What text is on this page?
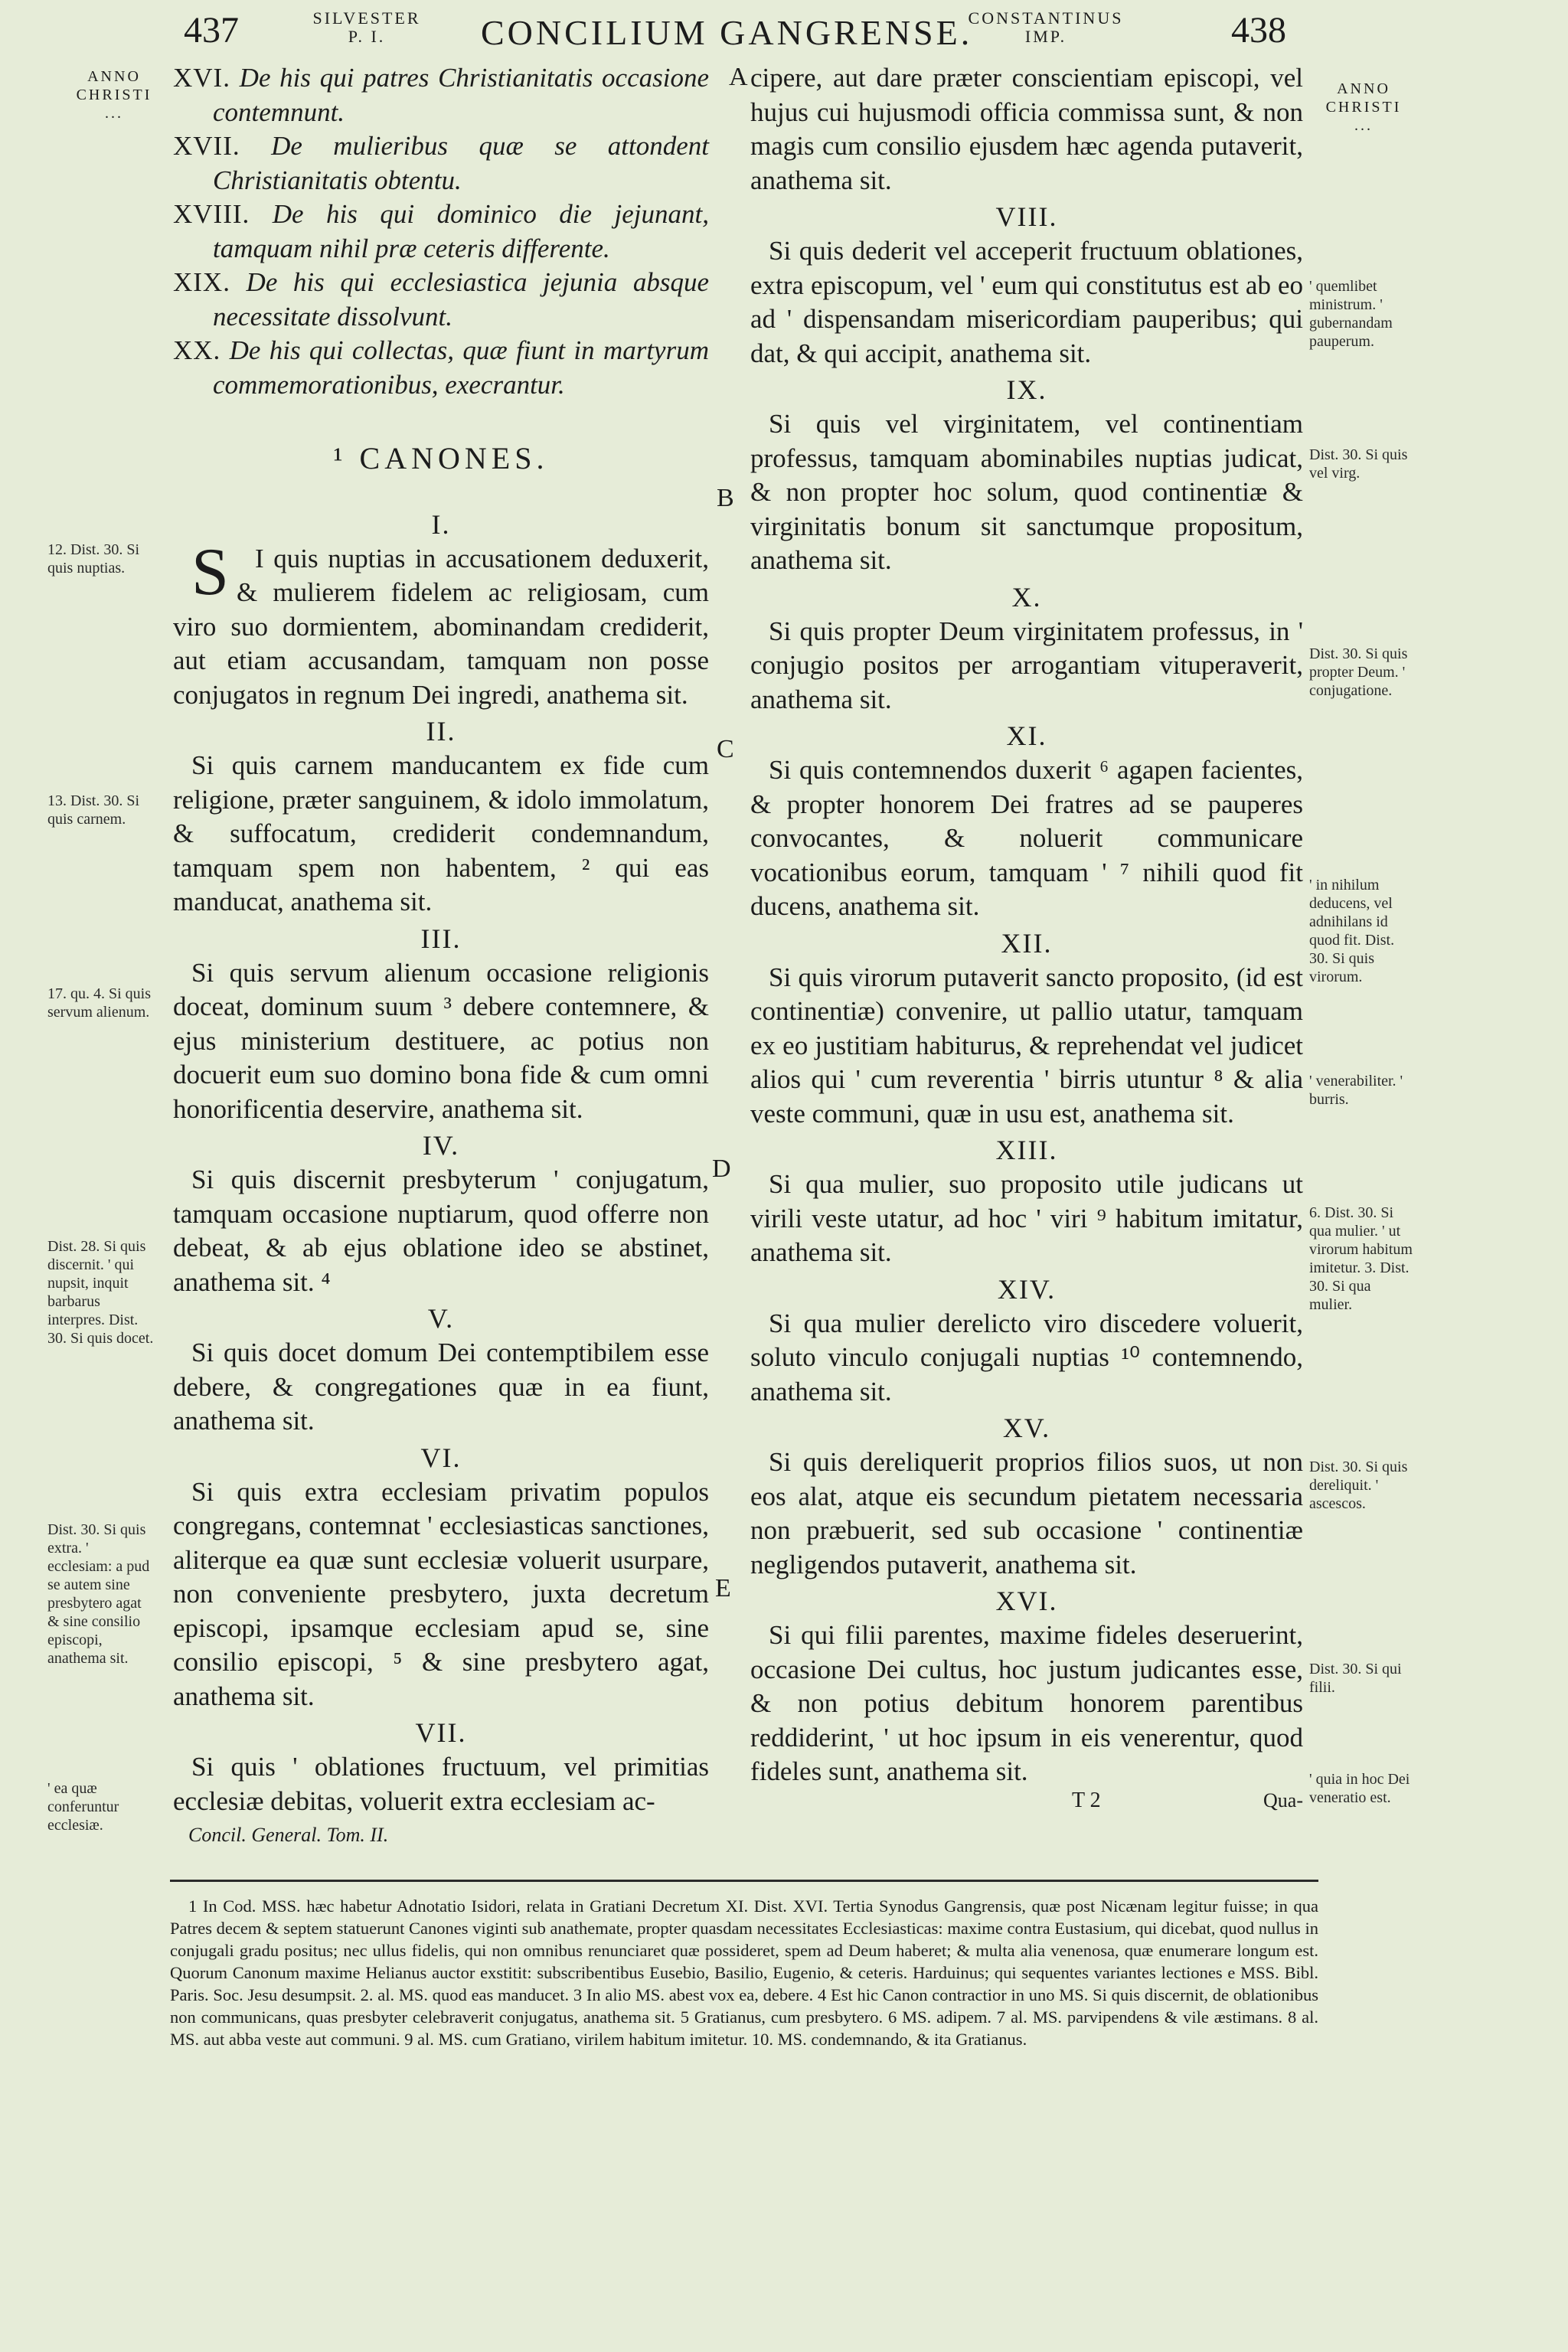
437	SILVESTER
P. I.	CONCILIUM GANGRENSE.
CONSTANTINUS
IMP.	438
ANNO
CHRISTI
...
ANNO
CHRISTI
...
A
B
C
D
E

XVI. De his qui patres Christianitatis occasione contemnunt.

XVII. De mulieribus quæ se attondent Christianitatis obtentu.

XVIII. De his qui dominico die jejunant, tamquam nihil præ ceteris differente.

XIX. De his qui ecclesiastica jejunia absque necessitate dissolvunt.

XX. De his qui collectas, quæ fiunt in martyrum commemorationibus, execrantur.

¹ CANONES.
I.

SI quis nuptias in accusationem deduxerit, & mulierem fidelem ac religiosam, cum viro suo dormientem, abominandam crediderit, aut etiam accusandam, tamquam non posse conjugatos in regnum Dei ingredi, anathema sit.

II.

Si quis carnem manducantem ex fide cum religione, præter sanguinem, & idolo immolatum, & suffocatum, crediderit condemnandum, tamquam spem non habentem, ² qui eas manducat, anathema sit.

III.

Si quis servum alienum occasione religionis doceat, dominum suum ³ debere contemnere, & ejus ministerium destituere, ac potius non docuerit eum suo domino bona fide & cum omni honorificentia deservire, anathema sit.

IV.

Si quis discernit presbyterum ' conjugatum, tamquam occasione nuptiarum, quod offerre non debeat, & ab ejus oblatione ideo se abstinet, anathema sit. ⁴

V.

Si quis docet domum Dei contemptibilem esse debere, & congregationes quæ in ea fiunt, anathema sit.

VI.

Si quis extra ecclesiam privatim populos congregans, contemnat ' ecclesiasticas sanctiones, aliterque ea quæ sunt ecclesiæ voluerit usurpare, non conveniente presbytero, juxta decretum episcopi, ipsamque ecclesiam apud se, sine consilio episcopi, ⁵ & sine presbytero agat, anathema sit.

VII.

Si quis ' oblationes fructuum, vel primitias ecclesiæ debitas, voluerit extra ecclesiam ac-

Concil. General. Tom. II.

cipere, aut dare præter conscientiam episcopi, vel hujus cui hujusmodi officia commissa sunt, & non magis cum consilio ejusdem hæc agenda putaverit, anathema sit.

VIII.

Si quis dederit vel acceperit fructuum oblationes, extra episcopum, vel ' eum qui constitutus est ab eo ad ' dispensandam misericordiam pauperibus; qui dat, & qui accipit, anathema sit.

IX.

Si quis vel virginitatem, vel continentiam professus, tamquam abominabiles nuptias judicat, & non propter hoc solum, quod continentiæ & virginitatis bonum sit sanctumque propositum, anathema sit.

X.

Si quis propter Deum virginitatem professus, in ' conjugio positos per arrogantiam vituperaverit, anathema sit.

XI.

Si quis contemnendos duxerit ⁶ agapen facientes, & propter honorem Dei fratres ad se pauperes convocantes, & noluerit communicare vocationibus eorum, tamquam ' ⁷ nihili quod fit ducens, anathema sit.

XII.

Si quis virorum putaverit sancto proposito, (id est continentiæ) convenire, ut pallio utatur, tamquam ex eo justitiam habiturus, & reprehendat vel judicet alios qui ' cum reverentia ' birris utuntur ⁸ & alia veste communi, quæ in usu est, anathema sit.

XIII.

Si qua mulier, suo proposito utile judicans ut virili veste utatur, ad hoc ' viri ⁹ habitum imitatur, anathema sit.

XIV.

Si qua mulier derelicto viro discedere voluerit, soluto vinculo conjugali nuptias ¹⁰ contemnendo, anathema sit.

XV.

Si quis dereliquerit proprios filios suos, ut non eos alat, atque eis secundum pietatem necessaria non præbuerit, sed sub occasione ' continentiæ negligendos putaverit, anathema sit.

XVI.

Si qui filii parentes, maxime fideles deseruerint, occasione Dei cultus, hoc justum judicantes esse, & non potius debitum honorem parentibus reddiderint, ' ut hoc ipsum in eis venerentur, quod fideles sunt, anathema sit.

T 2	Qua-
12. Dist. 30. Si quis nuptias.
13. Dist. 30. Si quis carnem.
17. qu. 4. Si quis servum alienum.
Dist. 28. Si quis discernit. ' qui nupsit, inquit barbarus interpres. Dist. 30. Si quis docet.
Dist. 30. Si quis extra. ' ecclesiam: a pud se autem sine presbytero agat & sine consilio episcopi, anathema sit.
' ea quæ conferuntur ecclesiæ.
' quemlibet ministrum. ' gubernandam pauperum.
Dist. 30. Si quis vel virg.
Dist. 30. Si quis propter Deum. ' conjugatione.
' in nihilum deducens, vel adnihilans id quod fit. Dist. 30. Si quis virorum.
' venerabiliter. ' burris.
6. Dist. 30. Si qua mulier. ' ut virorum habitum imitetur. 3. Dist. 30. Si qua mulier.
Dist. 30. Si quis dereliquit. ' ascescos.
Dist. 30. Si qui filii.
' quia in hoc Dei veneratio est.

1 In Cod. MSS. hæc habetur Adnotatio Isidori, relata in Gratiani Decretum XI. Dist. XVI. Tertia Synodus Gangrensis, quæ post Nicænam legitur fuisse; in qua Patres decem & septem statuerunt Canones viginti sub anathemate, propter quasdam necessitates Ecclesiasticas: maxime contra Eustasium, qui dicebat, quod nullus in conjugali gradu positus; nec ullus fidelis, qui non omnibus renunciaret quæ possideret, spem ad Deum haberet; & multa alia venenosa, quæ enumerare longum est. Quorum Canonum maxime Helianus auctor exstitit: subscribentibus Eusebio, Basilio, Eugenio, & ceteris. Harduinus; qui sequentes variantes lectiones e MSS. Bibl. Paris. Soc. Jesu desumpsit. 2. al. MS. quod eas manducet. 3 In alio MS. abest vox ea, debere. 4 Est hic Canon contractior in uno MS. Si quis discernit, de oblationibus non communicans, quas presbyter celebraverit conjugatus, anathema sit. 5 Gratianus, cum presbytero. 6 MS. adipem. 7 al. MS. parvipendens & vile æstimans. 8 al. MS. aut abba veste aut communi. 9 al. MS. cum Gratiano, virilem habitum imitetur. 10. MS. condemnando, & ita Gratianus.
